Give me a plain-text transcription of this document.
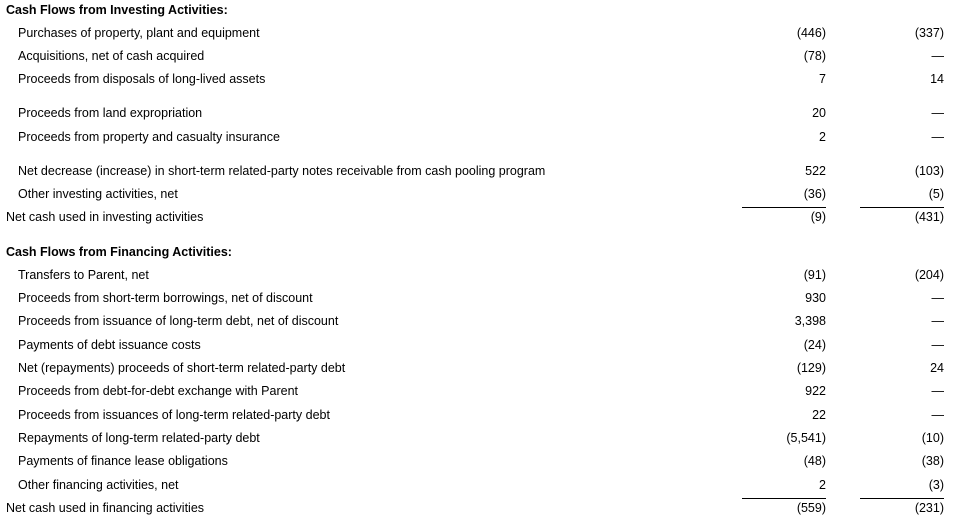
Cash Flows from Investing Activities:
Purchases of property, plant and equipment	(446)	(337)
Acquisitions, net of cash acquired	(78)	—
Proceeds from disposals of long-lived assets	7	14
Proceeds from land expropriation	20	—
Proceeds from property and casualty insurance	2	—
Net decrease (increase) in short-term related-party notes receivable from cash pooling program	522	(103)
Other investing activities, net	(36)	(5)
Net cash used in investing activities	(9)	(431)
Cash Flows from Financing Activities:
Transfers to Parent, net	(91)	(204)
Proceeds from short-term borrowings, net of discount	930	—
Proceeds from issuance of long-term debt, net of discount	3,398	—
Payments of debt issuance costs	(24)	—
Net (repayments) proceeds of short-term related-party debt	(129)	24
Proceeds from debt-for-debt exchange with Parent	922	—
Proceeds from issuances of long-term related-party debt	22	—
Repayments of long-term related-party debt	(5,541)	(10)
Payments of finance lease obligations	(48)	(38)
Other financing activities, net	2	(3)
Net cash used in financing activities	(559)	(231)
